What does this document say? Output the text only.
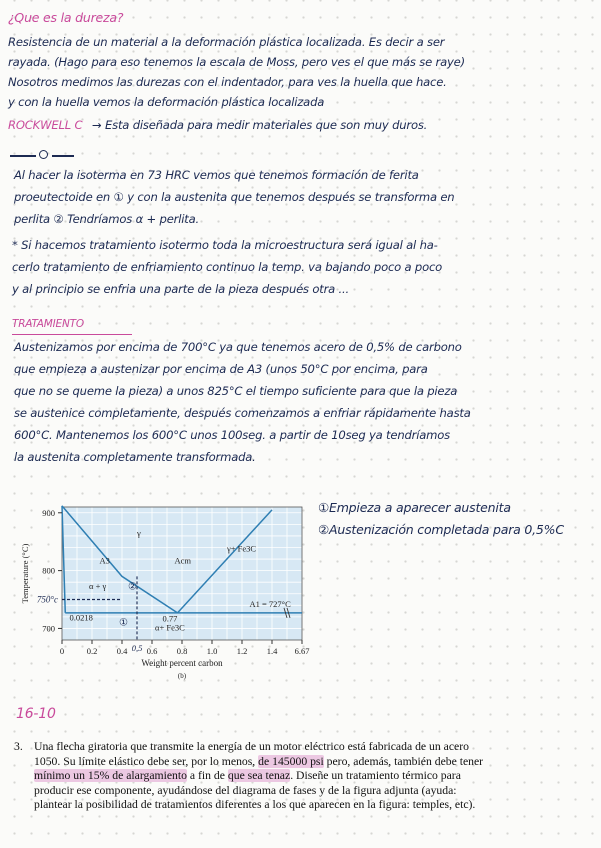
¿Que es la dureza?
Resistencia de un material a la deformación plástica localizada. Es decir a ser
rayada. (Hago para eso tenemos la escala de Moss, pero ves el que más se raye)
Nosotros medimos las durezas con el indentador, para ves la huella que hace.
y con la huella vemos la deformación plástica localizada
ROCKWELL C → Esta diseñada para medir materiales que son muy duros.
Al hacer la isoterma en 73 HRC vemos que tenemos formación de ferita
proeutectoide en ① y con la austenita que tenemos después se transforma en
perlita ② Tendríamos α + perlita.
* Si hacemos tratamiento isotermo toda la microestructura será igual al ha-
cerlo tratamiento de enfriamiento continuo la temp. va bajando poco a poco
y al principio se enfria una parte de la pieza después otra ...
TRATAMIENTO
Austenizamos por encima de 700°C ya que tenemos acero de 0,5% de carbono
que empieza a austenizar por encima de A3 (unos 50°C por encima, para
que no se queme la pieza) a unos 825°C el tiempo suficiente para que la pieza
se austenice completamente, después comenzamos a enfriar rápidamente hasta
600°C. Mantenemos los 600°C unos 100seg. a partir de 10seg ya tendríamos
la austenita completamente transformada.
700
800
900
0	0.2 0.4 0.6 0.8 1.0 1.2 1.4 6.67
Weight percent carbon
(b)
Temperature (°C)
γ
A3	Acm
γ+ Fe3C
α + γ
A1 = 727°C
0.0218	0.77
α+ Fe3C
750°c
0,5
①
②
①Empieza a aparecer austenita
②Austenización completada para 0,5%C
16-10
3. Una flecha giratoria que transmite la energía de un motor eléctrico está fabricada de un acero
1050. Su límite elástico debe ser, por lo menos, de 145000 psi pero, además, también debe tener
mínimo un 15% de alargamiento a fin de que sea tenaz. Diseñe un tratamiento térmico para
producir ese componente, ayudándose del diagrama de fases y de la figura adjunta (ayuda:
plantear la posibilidad de tratamientos diferentes a los que aparecen en la figura: temples, etc).
